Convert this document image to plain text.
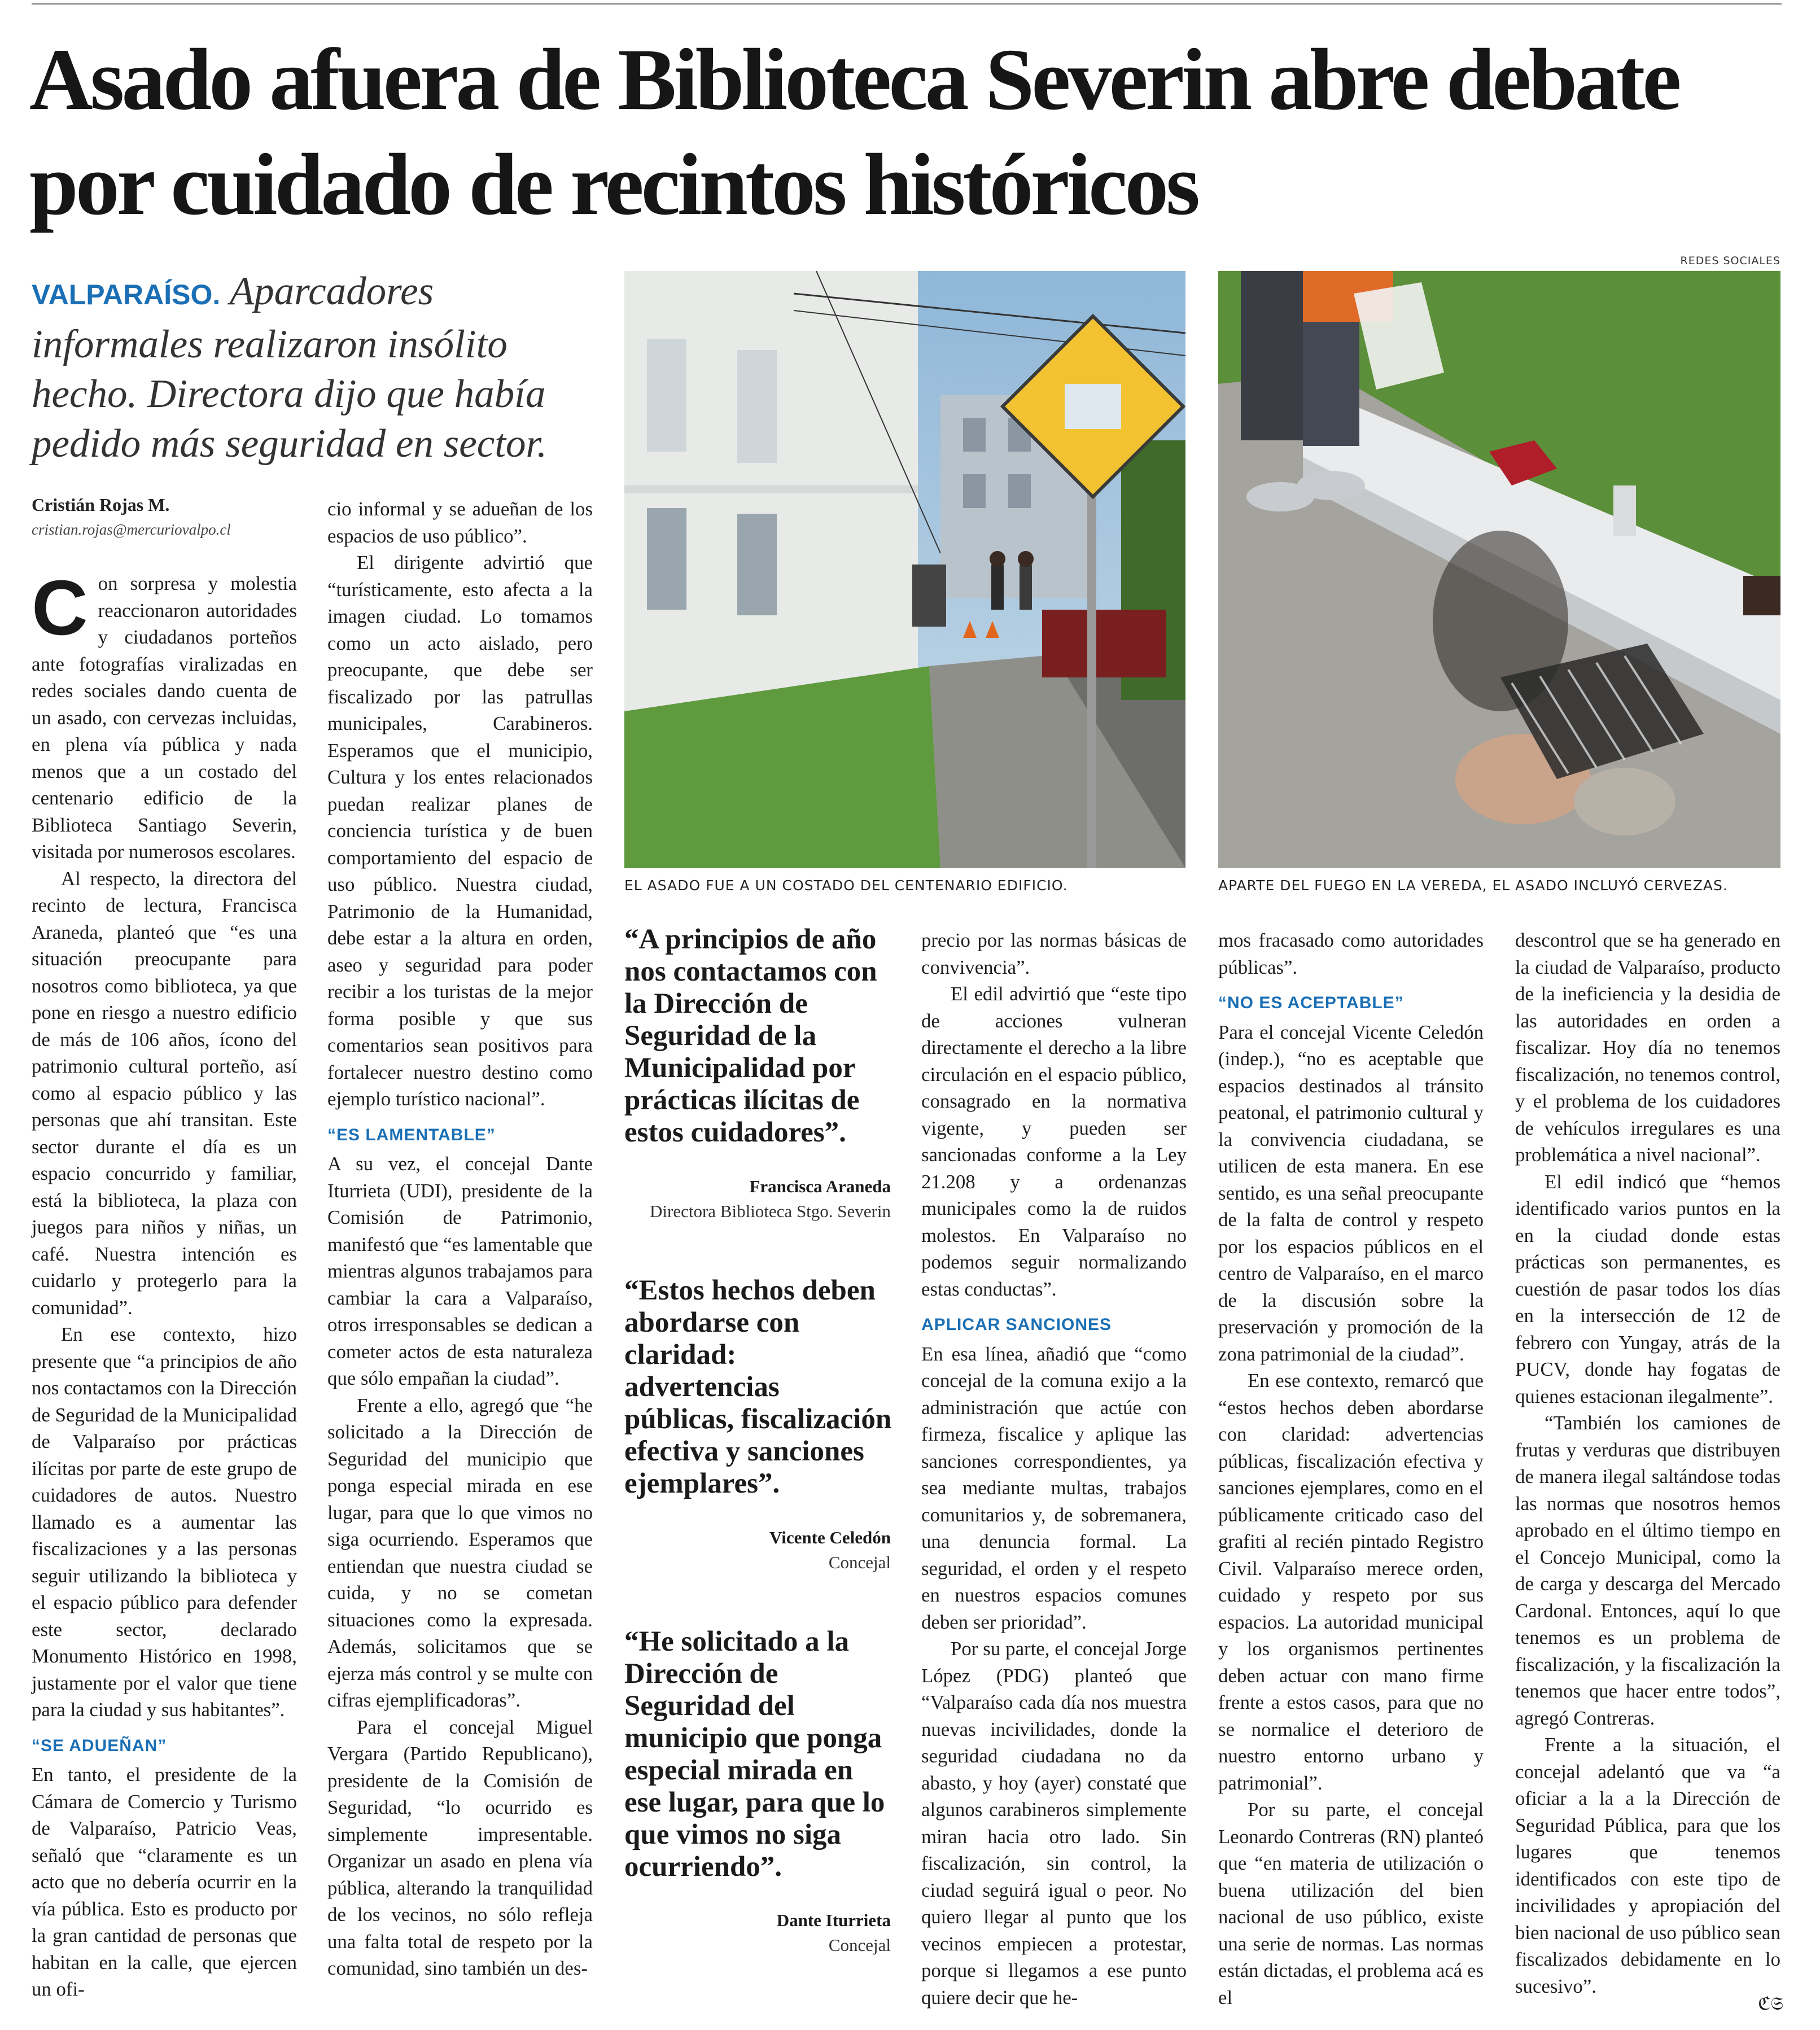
Asado afuera de Biblioteca Severin abre debate por cuidado de recintos históricos
REDES SOCIALES
VALPARAÍSO. Aparcadores informales realizaron insólito hecho. Directora dijo que había pedido más seguridad en sector.
Cristián Rojas M.
cristian.rojas@mercuriovalpo.cl

Con sorpresa y molestia reaccionaron autoridades y ciudadanos porteños ante fotografías viralizadas en redes sociales dando cuenta de un asado, con cervezas incluidas, en plena vía pública y nada menos que a un costado del centenario edificio de la Biblioteca Santiago Severin, visitada por numerosos escolares.

Al respecto, la directora del recinto de lectura, Francisca Araneda, planteó que “es una situación preocupante para nosotros como biblioteca, ya que pone en riesgo a nuestro edificio de más de 106 años, ícono del patrimonio cultural porteño, así como al espacio público y las personas que ahí transitan. Este sector durante el día es un espacio concurrido y familiar, está la biblioteca, la plaza con juegos para niños y niñas, un café. Nuestra intención es cuidarlo y protegerlo para la comunidad”.

En ese contexto, hizo presente que “a principios de año nos contactamos con la Dirección de Seguridad de la Municipalidad de Valparaíso por prácticas ilícitas por parte de este grupo de cuidadores de autos. Nuestro llamado es a aumentar las fiscalizaciones y a las personas seguir utilizando la biblioteca y el espacio público para defender este sector, declarado Monumento Histórico en 1998, justamente por el valor que tiene para la ciudad y sus habitantes”.

“SE ADUEÑAN”

En tanto, el presidente de la Cámara de Comercio y Turismo de Valparaíso, Patricio Veas, señaló que “claramente es un acto que no debería ocurrir en la vía pública. Esto es producto por la gran cantidad de personas que habitan en la calle, que ejercen un ofi-

cio informal y se adueñan de los espacios de uso público”.

El dirigente advirtió que “turísticamente, esto afecta a la imagen ciudad. Lo tomamos como un acto aislado, pero preocupante, que debe ser fiscalizado por las patrullas municipales, Carabineros. Esperamos que el municipio, Cultura y los entes relacionados puedan realizar planes de conciencia turística y de buen comportamiento del espacio de uso público. Nuestra ciudad, Patrimonio de la Humanidad, debe estar a la altura en orden, aseo y seguridad para poder recibir a los turistas de la mejor forma posible y que sus comentarios sean positivos para fortalecer nuestro destino como ejemplo turístico nacional”.

“ES LAMENTABLE”

A su vez, el concejal Dante Iturrieta (UDI), presidente de la Comisión de Patrimonio, manifestó que “es lamentable que mientras algunos trabajamos para cambiar la cara a Valparaíso, otros irresponsables se dedican a cometer actos de esta naturaleza que sólo empañan la ciudad”.

Frente a ello, agregó que “he solicitado a la Dirección de Seguridad del municipio que ponga especial mirada en ese lugar, para que lo que vimos no siga ocurriendo. Esperamos que entiendan que nuestra ciudad se cuida, y no se cometan situaciones como la expresada. Además, solicitamos que se ejerza más control y se multe con cifras ejemplificadoras”.

Para el concejal Miguel Vergara (Partido Republicano), presidente de la Comisión de Seguridad, “lo ocurrido es simplemente impresentable. Organizar un asado en plena vía pública, alterando la tranquilidad de los vecinos, no sólo refleja una falta total de respeto por la comunidad, sino también un des-

EL ASADO FUE A UN COSTADO DEL CENTENARIO EDIFICIO.	APARTE DEL FUEGO EN LA VEREDA, EL ASADO INCLUYÓ CERVEZAS.
“A principios de año nos contactamos con la Dirección de Seguridad de la Municipalidad por prácticas ilícitas de estos cuidadores”.
Francisca Araneda
Directora Biblioteca Stgo. Severin
“Estos hechos deben abordarse con claridad: advertencias públicas, fiscalización efectiva y sanciones ejemplares”.
Vicente Celedón
Concejal
“He solicitado a la Dirección de Seguridad del municipio que ponga especial mirada en ese lugar, para que lo que vimos no siga ocurriendo”.
Dante Iturrieta
Concejal

precio por las normas básicas de convivencia”.

El edil advirtió que “este tipo de acciones vulneran directamente el derecho a la libre circulación en el espacio público, consagrado en la normativa vigente, y pueden ser sancionadas conforme a la Ley 21.208 y a ordenanzas municipales como la de ruidos molestos. En Valparaíso no podemos seguir normalizando estas conductas”.

APLICAR SANCIONES

En esa línea, añadió que “como concejal de la comuna exijo a la administración que actúe con firmeza, fiscalice y aplique las sanciones correspondientes, ya sea mediante multas, trabajos comunitarios y, de sobremanera, una denuncia formal. La seguridad, el orden y el respeto en nuestros espacios comunes deben ser prioridad”.

Por su parte, el concejal Jorge López (PDG) planteó que “Valparaíso cada día nos muestra nuevas incivilidades, donde la seguridad ciudadana no da abasto, y hoy (ayer) constaté que algunos carabineros simplemente miran hacia otro lado. Sin fiscalización, sin control, la ciudad seguirá igual o peor. No quiero llegar al punto que los vecinos empiecen a protestar, porque si llegamos a ese punto quiere decir que he-

mos fracasado como autoridades públicas”.

“NO ES ACEPTABLE”

Para el concejal Vicente Celedón (indep.), “no es aceptable que espacios destinados al tránsito peatonal, el patrimonio cultural y la convivencia ciudadana, se utilicen de esta manera. En ese sentido, es una señal preocupante de la falta de control y respeto por los espacios públicos en el centro de Valparaíso, en el marco de la discusión sobre la preservación y promoción de la zona patrimonial de la ciudad”.

En ese contexto, remarcó que “estos hechos deben abordarse con claridad: advertencias públicas, fiscalización efectiva y sanciones ejemplares, como en el públicamente criticado caso del grafiti al recién pintado Registro Civil. Valparaíso merece orden, cuidado y respeto por sus espacios. La autoridad municipal y los organismos pertinentes deben actuar con mano firme frente a estos casos, para que no se normalice el deterioro de nuestro entorno urbano y patrimonial”.

Por su parte, el concejal Leonardo Contreras (RN) planteó que “en materia de utilización o buena utilización del bien nacional de uso público, existe una serie de normas. Las normas están dictadas, el problema acá es el

descontrol que se ha generado en la ciudad de Valparaíso, producto de la ineficiencia y la desidia de las autoridades en orden a fiscalizar. Hoy día no tenemos fiscalización, no tenemos control, y el problema de los cuidadores de vehículos irregulares es una problemática a nivel nacional”.

El edil indicó que “hemos identificado varios puntos en la en la ciudad donde estas prácticas son permanentes, es cuestión de pasar todos los días en la intersección de 12 de febrero con Yungay, atrás de la PUCV, donde hay fogatas de quienes estacionan ilegalmente”.

“También los camiones de frutas y verduras que distribuyen de manera ilegal saltándose todas las normas que nosotros hemos aprobado en el último tiempo en el Concejo Municipal, como la de carga y descarga del Mercado Cardonal. Entonces, aquí lo que tenemos es un problema de fiscalización, y la fiscalización la tenemos que hacer entre todos”, agregó Contreras.

Frente a la situación, el concejal adelantó que va “a oficiar a la a la Dirección de Seguridad Pública, para que los lugares que tenemos identificados con este tipo de incivilidades y apropiación del bien nacional de uso público sean fiscalizados debidamente en lo sucesivo”.

ℭ𝔖
